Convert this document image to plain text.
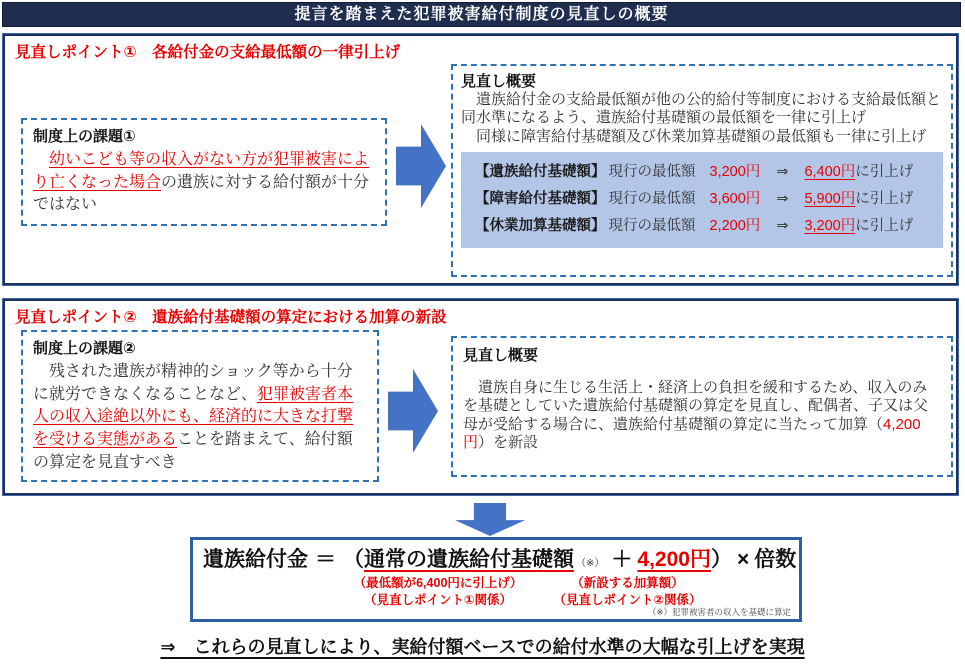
提言を踏まえた犯罪被害給付制度の見直しの概要
見直しポイント①　各給付金の支給最低額の一律引上げ
制度上の課題①

　幼いこども等の収入がない方が犯罪被害により亡くなった場合の遺族に対する給付額が十分ではない

見直し概要

　遺族給付金の支給最低額が他の公的給付等制度における支給最低額と同水準になるよう、遺族給付基礎額の最低額を一律に引上げ

　同様に障害給付基礎額及び休業加算基礎額の最低額も一律に引上げ

【遺族給付基礎額】 現行の最低額 3,200円 ⇒ 6,400円に引上げ
【障害給付基礎額】 現行の最低額 3,600円 ⇒ 5,900円に引上げ
【休業加算基礎額】 現行の最低額 2,200円 ⇒ 3,200円に引上げ
見直しポイント②　遺族給付基礎額の算定における加算の新設
制度上の課題②

　残された遺族が精神的ショック等から十分に就労できなくなることなど、犯罪被害者本人の収入途絶以外にも、経済的に大きな打撃を受ける実態があることを踏まえて、給付額の算定を見直すべき

見直し概要

　遺族自身に生じる生活上・経済上の負担を緩和するため、収入のみを基礎としていた遺族給付基礎額の算定を見直し、配偶者、子又は父母が受給する場合に、遺族給付基礎額の算定に当たって加算（4,200円）を新設

遺族給付金 ＝ （ 通常の遺族給付基礎額 （※） ＋ 4,200円 ） × 倍数
（最低額が6,400円に引上げ）	（新設する加算額）
（見直しポイント①関係）	（見直しポイント②関係）
（※）犯罪被害者の収入を基礎に算定
⇒　これらの見直しにより、実給付額ベースでの給付水準の大幅な引上げを実現
